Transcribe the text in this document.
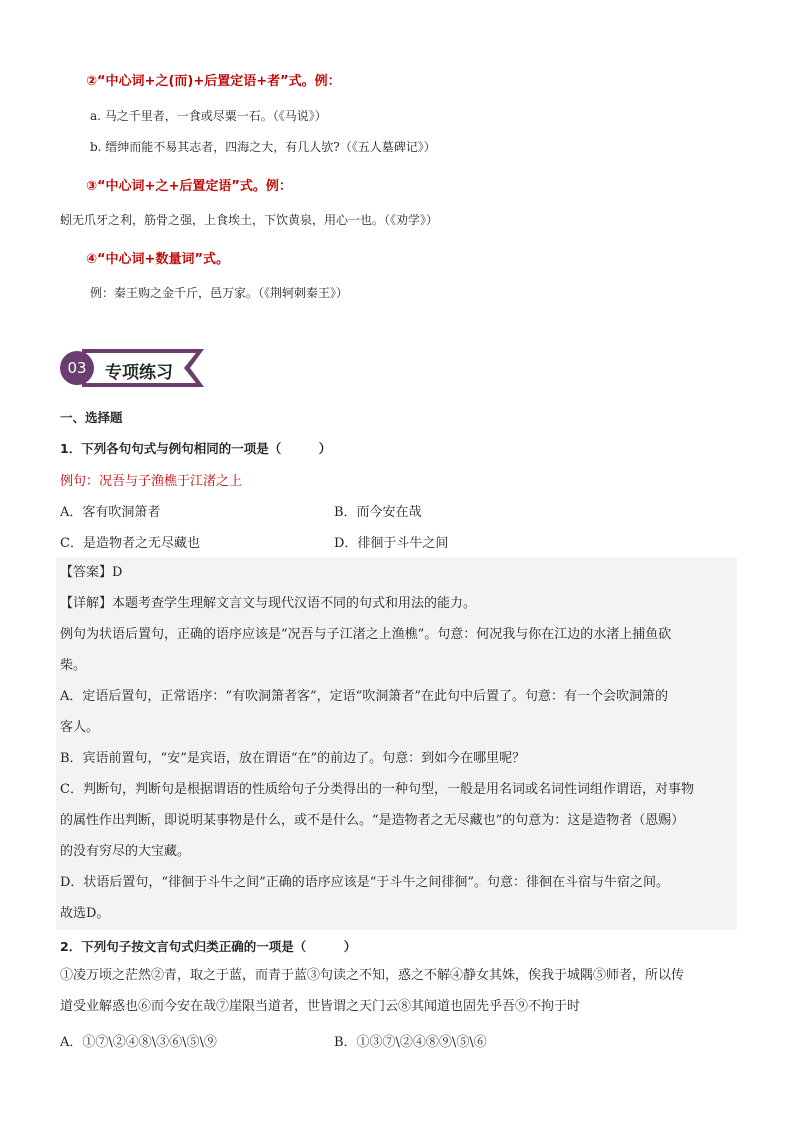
②“中心词+之(而)+后置定语+者”式。例：
a. 马之千里者，一食或尽粟一石。（《马说》）
b. 缙绅而能不易其志者，四海之大，有几人欤?（《五人墓碑记》）
③“中心词+之+后置定语”式。例：
蚓无爪牙之利，筋骨之强，上食埃土，下饮黄泉，用心一也。（《劝学》）
④“中心词+数量词”式。
例：秦王购之金千斤，邑万家。（《荆轲刺秦王》）
03	专项练习
一、选择题
1．下列各句句式与例句相同的一项是（　　　）
例句：况吾与子渔樵于江渚之上
A．客有吹洞箫者	B．而今安在哉
C．是造物者之无尽藏也	D．徘徊于斗牛之间
【答案】D
【详解】本题考查学生理解文言文与现代汉语不同的句式和用法的能力。
例句为状语后置句，正确的语序应该是“况吾与子江渚之上渔樵”。句意：何况我与你在江边的水渚上捕鱼砍
柴。
A．定语后置句，正常语序：“有吹洞箫者客”，定语“吹洞箫者”在此句中后置了。句意：有一个会吹洞箫的
客人。
B．宾语前置句，“安”是宾语，放在谓语“在”的前边了。句意：到如今在哪里呢？
C．判断句，判断句是根据谓语的性质给句子分类得出的一种句型，一般是用名词或名词性词组作谓语，对事物
的属性作出判断，即说明某事物是什么，或不是什么。“是造物者之无尽藏也”的句意为：这是造物者（恩赐）
的没有穷尽的大宝藏。
D．状语后置句，“徘徊于斗牛之间”正确的语序应该是“于斗牛之间徘徊”。句意：徘徊在斗宿与牛宿之间。
故选D。
2．下列句子按文言句式归类正确的一项是（　　　）
①凌万顷之茫然②青，取之于蓝，而青于蓝③句读之不知，惑之不解④静女其姝，俟我于城隅⑤师者，所以传
道受业解惑也⑥而今安在哉⑦崖限当道者，世皆谓之天门云⑧其闻道也固先乎吾⑨不拘于时
A．①⑦\②④⑧\③⑥\⑤\⑨	B．①③⑦\②④⑧⑨\⑤\⑥
